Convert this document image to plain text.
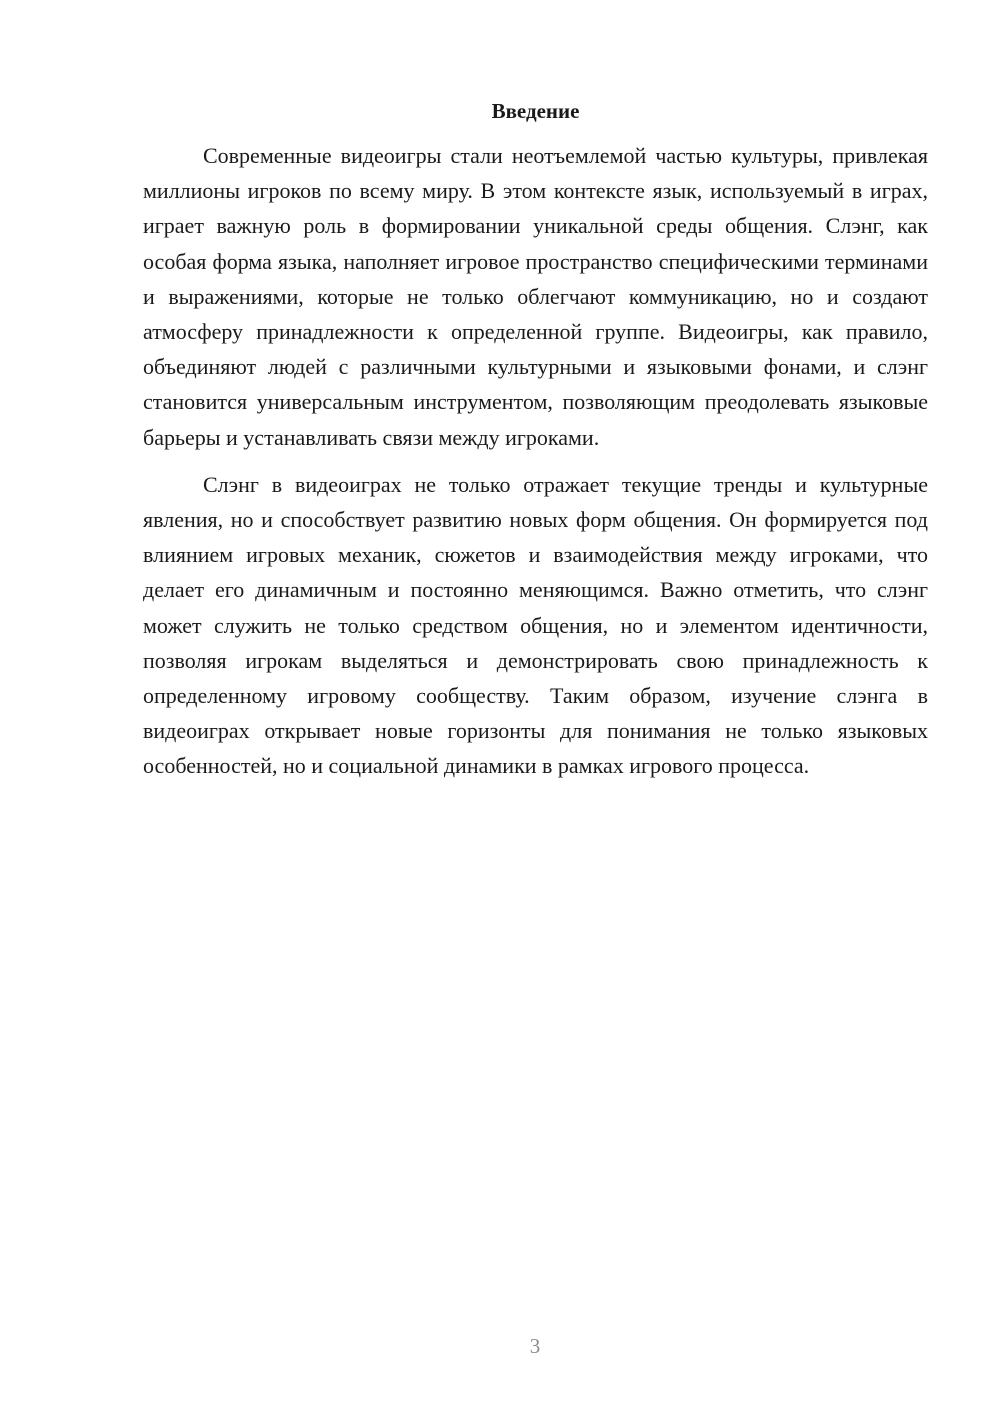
Введение

Современные видеоигры стали неотъемлемой частью культуры, привлекая миллионы игроков по всему миру. В этом контексте язык, используемый в играх, играет важную роль в формировании уникальной среды общения. Слэнг, как особая форма языка, наполняет игровое пространство специфическими терминами и выражениями, которые не только облегчают коммуникацию, но и создают атмосферу принадлежности к определенной группе. Видеоигры, как правило, объединяют людей с различными культурными и языковыми фонами, и слэнг становится универсальным инструментом, позволяющим преодолевать языковые барьеры и устанавливать связи между игроками.

Слэнг в видеоиграх не только отражает текущие тренды и культурные явления, но и способствует развитию новых форм общения. Он формируется под влиянием игровых механик, сюжетов и взаимодействия между игроками, что делает его динамичным и постоянно меняющимся. Важно отметить, что слэнг может служить не только средством общения, но и элементом идентичности, позволяя игрокам выделяться и демонстрировать свою принадлежность к определенному игровому сообществу. Таким образом, изучение слэнга в видеоиграх открывает новые горизонты для понимания не только языковых особенностей, но и социальной динамики в рамках игрового процесса.

3
